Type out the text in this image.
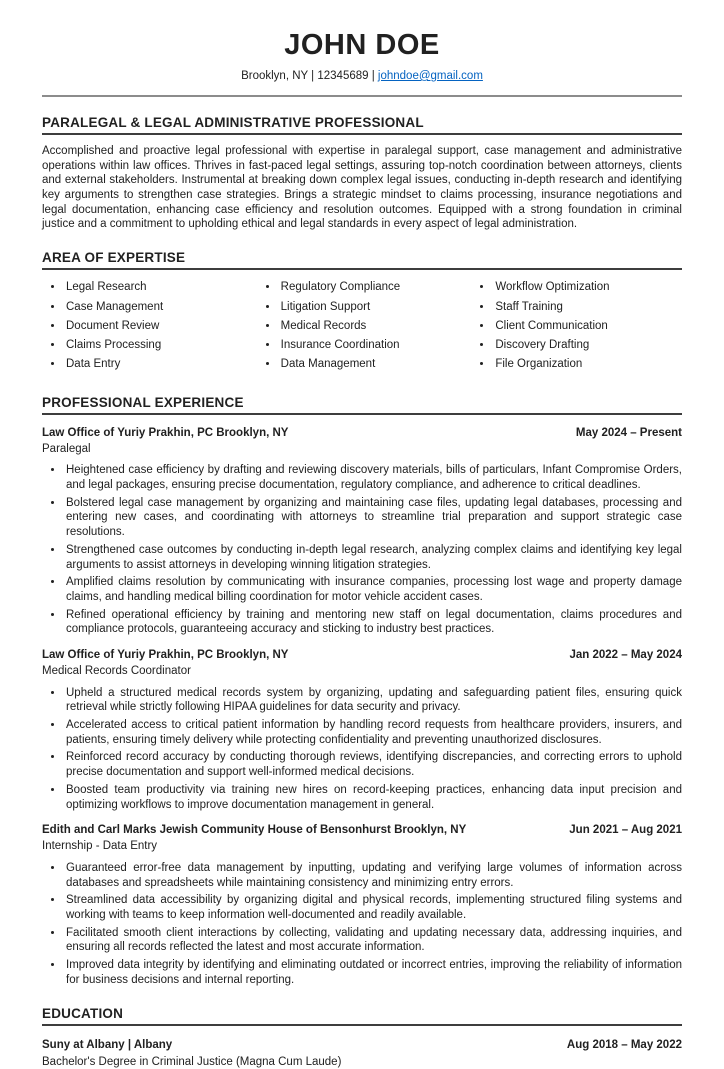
JOHN DOE
Brooklyn, NY | 12345689 | johndoe@gmail.com
PARALEGAL & LEGAL ADMINISTRATIVE PROFESSIONAL

Accomplished and proactive legal professional with expertise in paralegal support, case management and administrative operations within law offices. Thrives in fast-paced legal settings, assuring top-notch coordination between attorneys, clients and external stakeholders. Instrumental at breaking down complex legal issues, conducting in-depth research and identifying key arguments to strengthen case strategies. Brings a strategic mindset to claims processing, insurance negotiations and legal documentation, enhancing case efficiency and resolution outcomes. Equipped with a strong foundation in criminal justice and a commitment to upholding ethical and legal standards in every aspect of legal administration.

AREA OF EXPERTISE
• Legal Research
• Case Management
• Document Review
• Claims Processing
• Data Entry
• Regulatory Compliance
• Litigation Support
• Medical Records
• Insurance Coordination
• Data Management
• Workflow Optimization
• Staff Training
• Client Communication
• Discovery Drafting
• File Organization
PROFESSIONAL EXPERIENCE
Law Office of Yuriy Prakhin, PC Brooklyn, NY	May 2024 – Present
Paralegal
• Heightened case efficiency by drafting and reviewing discovery materials, bills of particulars, Infant Compromise Orders, and legal packages, ensuring precise documentation, regulatory compliance, and adherence to critical deadlines.
• Bolstered legal case management by organizing and maintaining case files, updating legal databases, processing and entering new cases, and coordinating with attorneys to streamline trial preparation and support strategic case resolutions.
• Strengthened case outcomes by conducting in-depth legal research, analyzing complex claims and identifying key legal arguments to assist attorneys in developing winning litigation strategies.
• Amplified claims resolution by communicating with insurance companies, processing lost wage and property damage claims, and handling medical billing coordination for motor vehicle accident cases.
• Refined operational efficiency by training and mentoring new staff on legal documentation, claims procedures and compliance protocols, guaranteeing accuracy and sticking to industry best practices.
Law Office of Yuriy Prakhin, PC Brooklyn, NY	Jan 2022 – May 2024
Medical Records Coordinator
• Upheld a structured medical records system by organizing, updating and safeguarding patient files, ensuring quick retrieval while strictly following HIPAA guidelines for data security and privacy.
• Accelerated access to critical patient information by handling record requests from healthcare providers, insurers, and patients, ensuring timely delivery while protecting confidentiality and preventing unauthorized disclosures.
• Reinforced record accuracy by conducting thorough reviews, identifying discrepancies, and correcting errors to uphold precise documentation and support well-informed medical decisions.
• Boosted team productivity via training new hires on record-keeping practices, enhancing data input precision and optimizing workflows to improve documentation management in general.
Edith and Carl Marks Jewish Community House of Bensonhurst Brooklyn, NY	Jun 2021 – Aug 2021
Internship - Data Entry
• Guaranteed error-free data management by inputting, updating and verifying large volumes of information across databases and spreadsheets while maintaining consistency and minimizing entry errors.
• Streamlined data accessibility by organizing digital and physical records, implementing structured filing systems and working with teams to keep information well-documented and readily available.
• Facilitated smooth client interactions by collecting, validating and updating necessary data, addressing inquiries, and ensuring all records reflected the latest and most accurate information.
• Improved data integrity by identifying and eliminating outdated or incorrect entries, improving the reliability of information for business decisions and internal reporting.
EDUCATION
Suny at Albany | Albany	Aug 2018 – May 2022
Bachelor's Degree in Criminal Justice (Magna Cum Laude)
